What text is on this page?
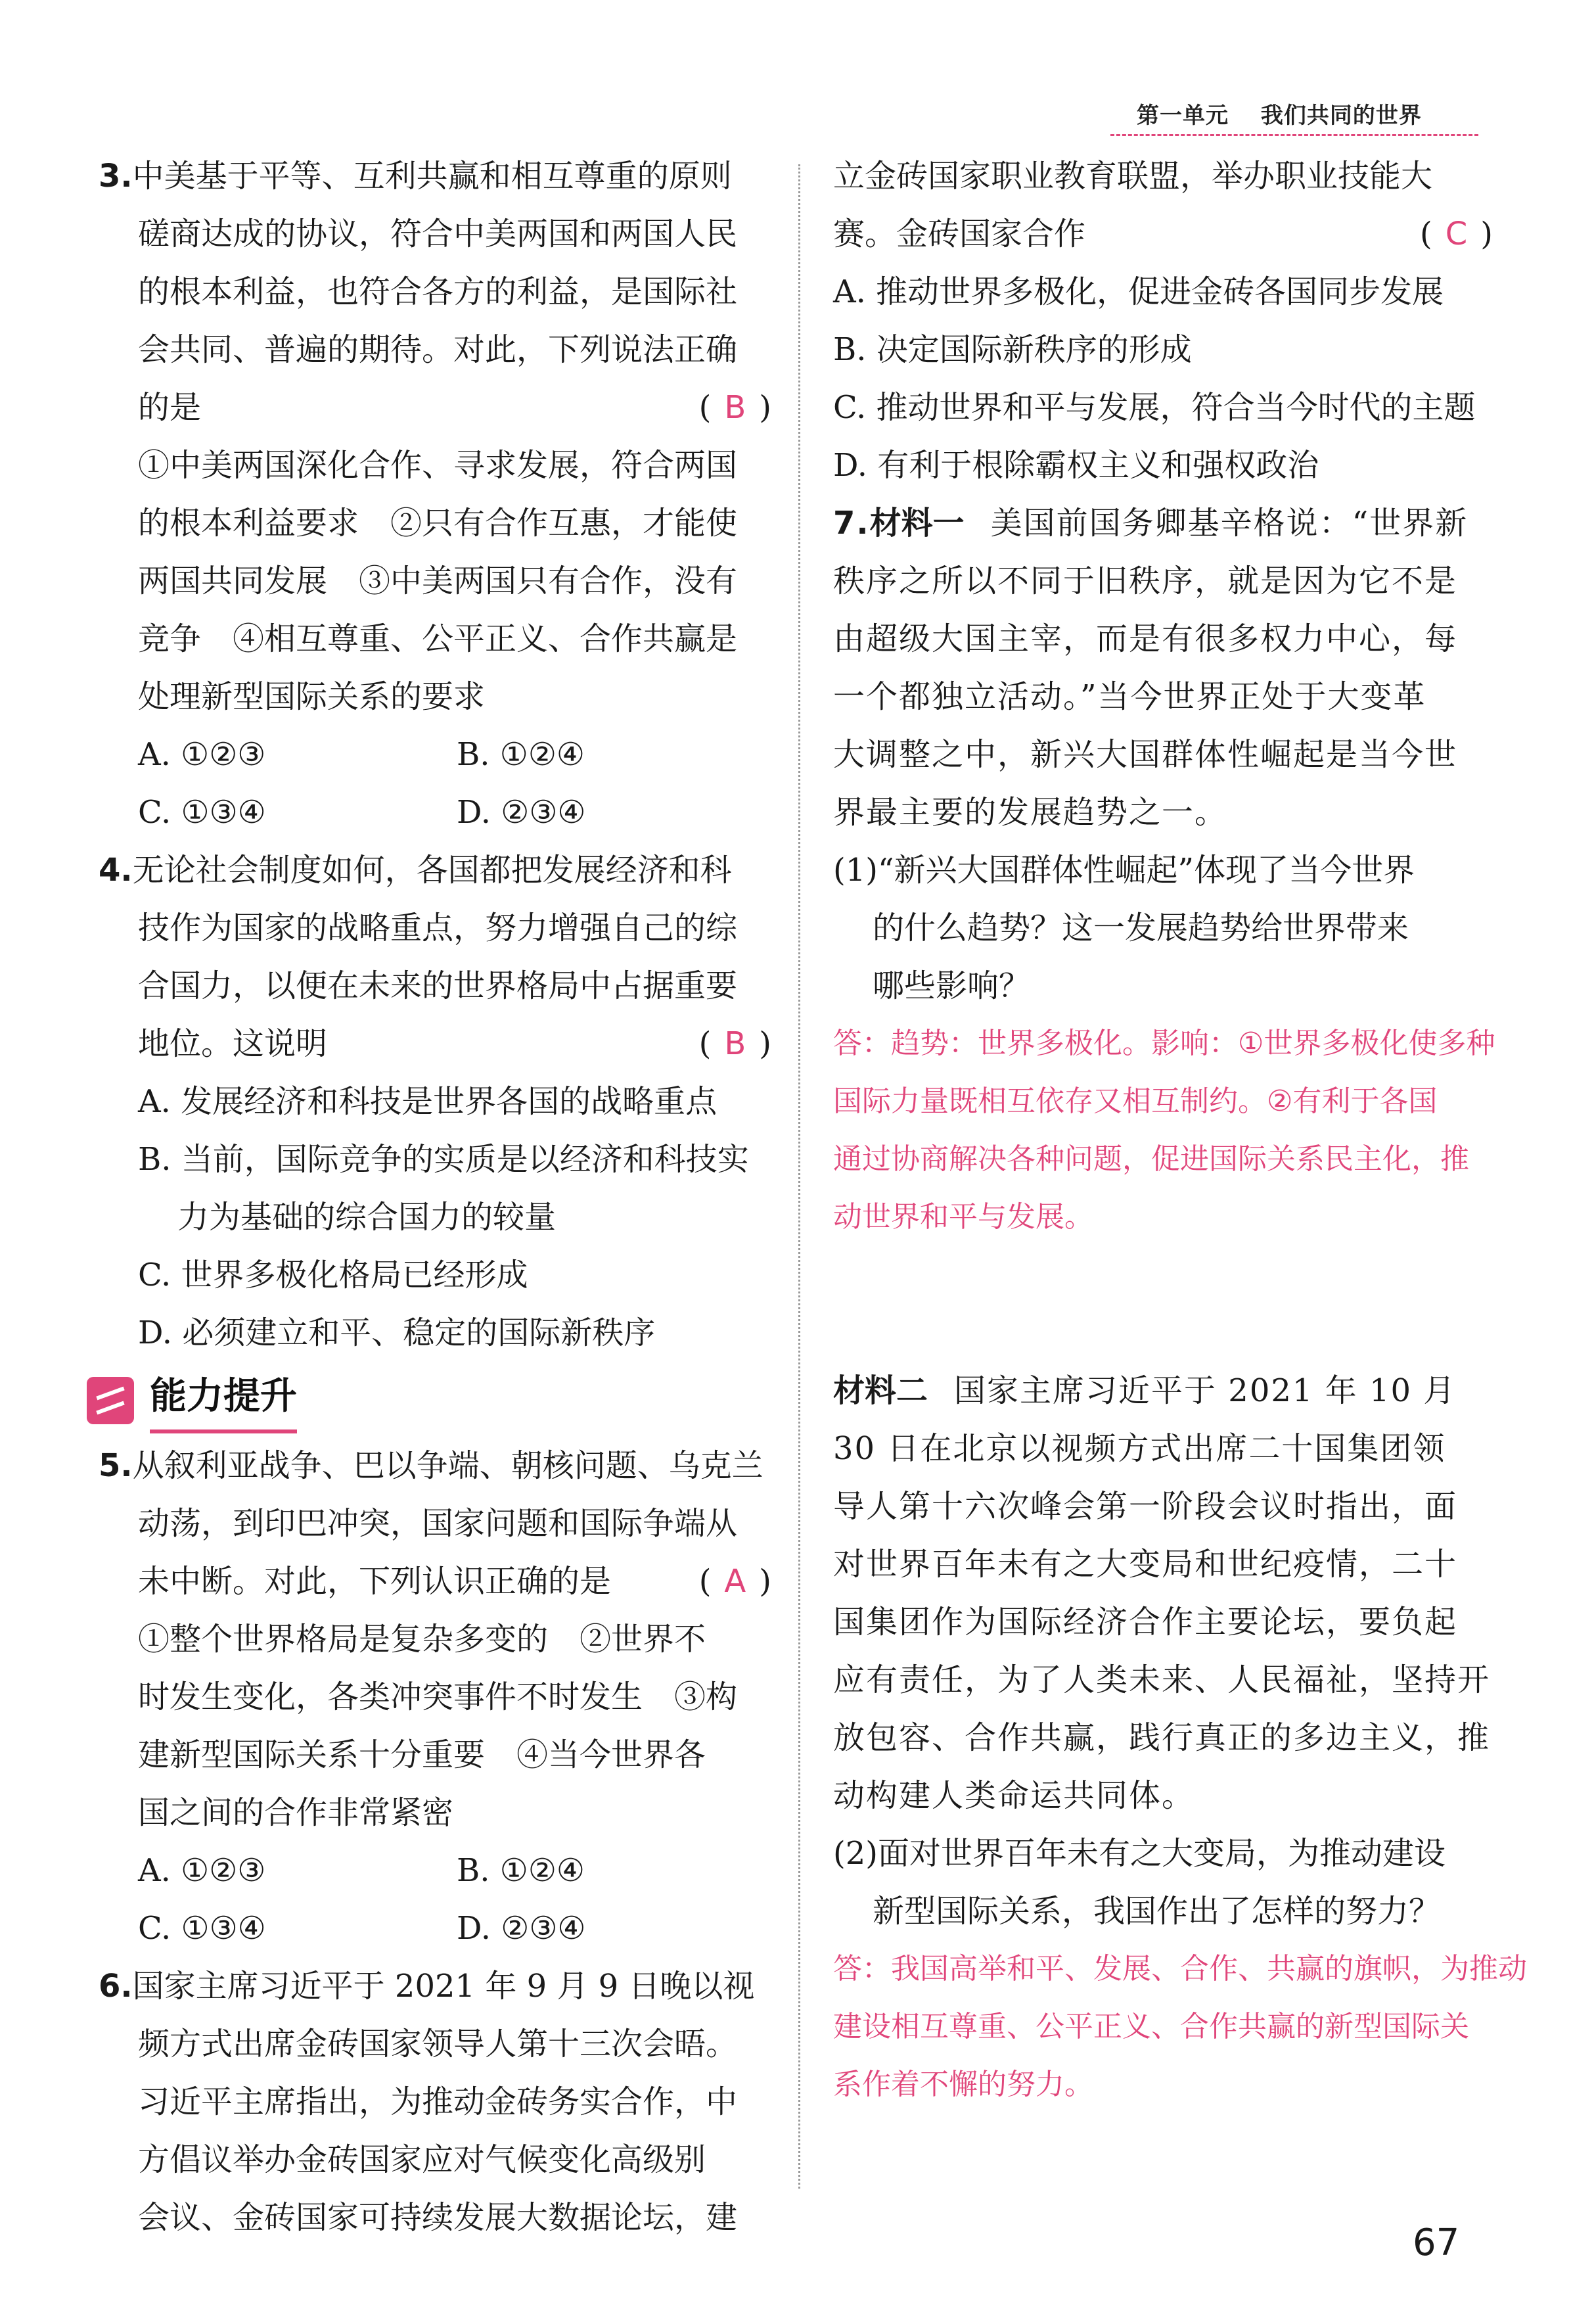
第一单元 我们共同的世界
3.中美基于平等、互利共赢和相互尊重的原则
磋商达成的协议，符合中美两国和两国人民
的根本利益，也符合各方的利益，是国际社
会共同、普遍的期待。对此，下列说法正确
的是	( B )
①中美两国深化合作、寻求发展，符合两国
的根本利益要求　②只有合作互惠，才能使
两国共同发展　③中美两国只有合作，没有
竞争　④相互尊重、公平正义、合作共赢是
处理新型国际关系的要求
A. ①②③	B. ①②④
C. ①③④	D. ②③④
4.无论社会制度如何，各国都把发展经济和科
技作为国家的战略重点，努力增强自己的综
合国力，以便在未来的世界格局中占据重要
地位。这说明	( B )
A. 发展经济和科技是世界各国的战略重点
B. 当前，国际竞争的实质是以经济和科技实
力为基础的综合国力的较量
C. 世界多极化格局已经形成
D. 必须建立和平、稳定的国际新秩序
能力提升
5.从叙利亚战争、巴以争端、朝核问题、乌克兰
动荡，到印巴冲突，国家问题和国际争端从
未中断。对此，下列认识正确的是	( A )
①整个世界格局是复杂多变的　②世界不
时发生变化，各类冲突事件不时发生　③构
建新型国际关系十分重要　④当今世界各
国之间的合作非常紧密
A. ①②③	B. ①②④
C. ①③④	D. ②③④
6.国家主席习近平于 2021 年 9 月 9 日晚以视
频方式出席金砖国家领导人第十三次会晤。
习近平主席指出，为推动金砖务实合作，中
方倡议举办金砖国家应对气候变化高级别
会议、金砖国家可持续发展大数据论坛，建
立金砖国家职业教育联盟，举办职业技能大
赛。金砖国家合作	( C )
A. 推动世界多极化，促进金砖各国同步发展
B. 决定国际新秩序的形成
C. 推动世界和平与发展，符合当今时代的主题
D. 有利于根除霸权主义和强权政治
7.材料一 美国前国务卿基辛格说：“世界新
秩序之所以不同于旧秩序，就是因为它不是
由超级大国主宰，而是有很多权力中心，每
一个都独立活动。”当今世界正处于大变革
大调整之中，新兴大国群体性崛起是当今世
界最主要的发展趋势之一。
(1)“新兴大国群体性崛起”体现了当今世界
的什么趋势？这一发展趋势给世界带来
哪些影响？
答：趋势：世界多极化。影响：①世界多极化使多种
国际力量既相互依存又相互制约。②有利于各国
通过协商解决各种问题，促进国际关系民主化，推
动世界和平与发展。
材料二 国家主席习近平于 2021 年 10 月
30 日在北京以视频方式出席二十国集团领
导人第十六次峰会第一阶段会议时指出，面
对世界百年未有之大变局和世纪疫情，二十
国集团作为国际经济合作主要论坛，要负起
应有责任，为了人类未来、人民福祉，坚持开
放包容、合作共赢，践行真正的多边主义，推
动构建人类命运共同体。
(2)面对世界百年未有之大变局，为推动建设
新型国际关系，我国作出了怎样的努力？
答：我国高举和平、发展、合作、共赢的旗帜，为推动
建设相互尊重、公平正义、合作共赢的新型国际关
系作着不懈的努力。
67
